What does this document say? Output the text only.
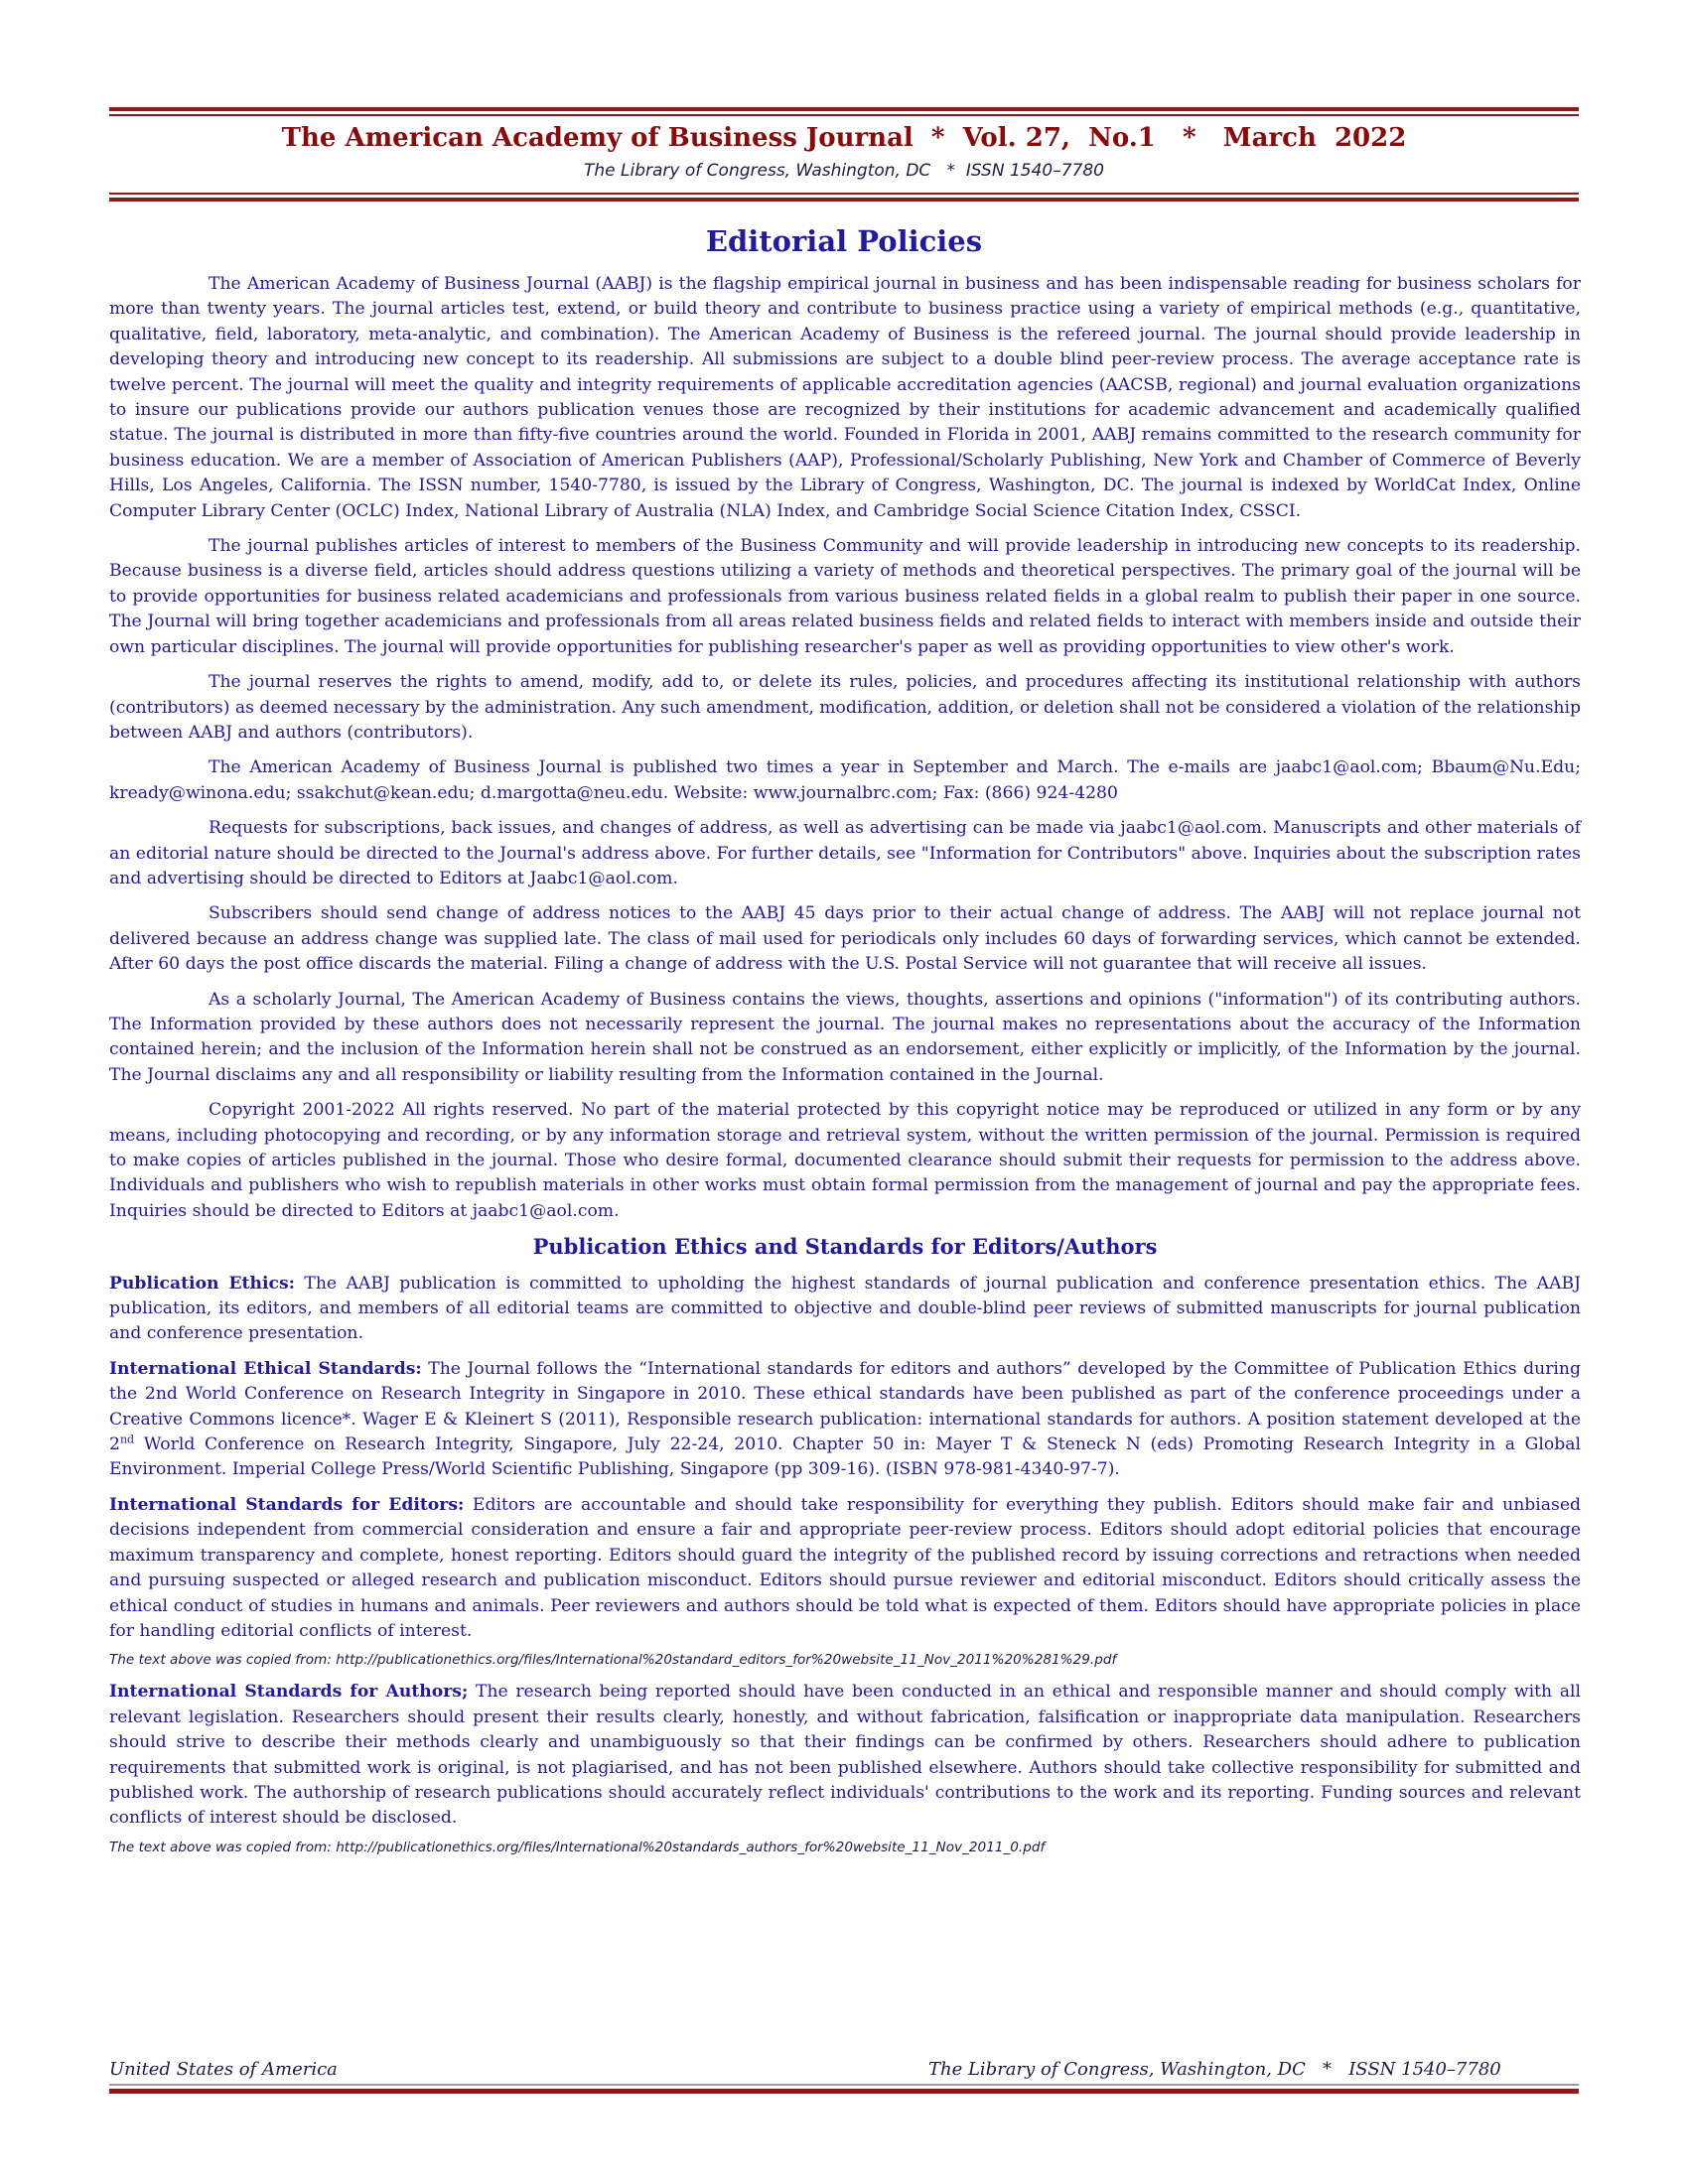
The American Academy of Business Journal * Vol. 27,  No.1 * March  2022
The Library of Congress, Washington, DC * ISSN 1540–7780
Editorial Policies

The American Academy of Business Journal (AABJ) is the flagship empirical journal in business and has been indispensable reading for business scholars for more than twenty years. The journal articles test, extend, or build theory and contribute to business practice using a variety of empirical methods (e.g., quantitative, qualitative, field, laboratory, meta-analytic, and combination). The American Academy of Business is the refereed journal. The journal should provide leadership in developing theory and introducing new concept to its readership. All submissions are subject to a double blind peer-review process. The average acceptance rate is twelve percent. The journal will meet the quality and integrity requirements of applicable accreditation agencies (AACSB, regional) and journal evaluation organizations to insure our publications provide our authors publication venues those are recognized by their institutions for academic advancement and academically qualified statue. The journal is distributed in more than fifty-five countries around the world. Founded in Florida in 2001, AABJ remains committed to the research community for business education. We are a member of Association of American Publishers (AAP), Professional/Scholarly Publishing, New York and Chamber of Commerce of Beverly Hills, Los Angeles, California. The ISSN number, 1540-7780, is issued by the Library of Congress, Washington, DC. The journal is indexed by WorldCat Index, Online Computer Library Center (OCLC) Index, National Library of Australia (NLA) Index, and Cambridge Social Science Citation Index, CSSCI.

The journal publishes articles of interest to members of the Business Community and will provide leadership in introducing new concepts to its readership. Because business is a diverse field, articles should address questions utilizing a variety of methods and theoretical perspectives. The primary goal of the journal will be to provide opportunities for business related academicians and professionals from various business related fields in a global realm to publish their paper in one source. The Journal will bring together academicians and professionals from all areas related business fields and related fields to interact with members inside and outside their own particular disciplines. The journal will provide opportunities for publishing researcher's paper as well as providing opportunities to view other's work.

The journal reserves the rights to amend, modify, add to, or delete its rules, policies, and procedures affecting its institutional relationship with authors (contributors) as deemed necessary by the administration. Any such amendment, modification, addition, or deletion shall not be considered a violation of the relationship between AABJ and authors (contributors).

The American Academy of Business Journal is published two times a year in September and March. The e-mails are jaabc1@aol.com; Bbaum@Nu.Edu; kready@winona.edu; ssakchut@kean.edu; d.margotta@neu.edu. Website: www.journalbrc.com; Fax: (866) 924-4280

Requests for subscriptions, back issues, and changes of address, as well as advertising can be made via jaabc1@aol.com. Manuscripts and other materials of an editorial nature should be directed to the Journal's address above. For further details, see "Information for Contributors" above. Inquiries about the subscription rates and advertising should be directed to Editors at Jaabc1@aol.com.

Subscribers should send change of address notices to the AABJ 45 days prior to their actual change of address. The AABJ will not replace journal not delivered because an address change was supplied late. The class of mail used for periodicals only includes 60 days of forwarding services, which cannot be extended. After 60 days the post office discards the material. Filing a change of address with the U.S. Postal Service will not guarantee that will receive all issues.

As a scholarly Journal, The American Academy of Business contains the views, thoughts, assertions and opinions ("information") of its contributing authors. The Information provided by these authors does not necessarily represent the journal. The journal makes no representations about the accuracy of the Information contained herein; and the inclusion of the Information herein shall not be construed as an endorsement, either explicitly or implicitly, of the Information by the journal. The Journal disclaims any and all responsibility or liability resulting from the Information contained in the Journal.

Copyright 2001-2022 All rights reserved. No part of the material protected by this copyright notice may be reproduced or utilized in any form or by any means, including photocopying and recording, or by any information storage and retrieval system, without the written permission of the journal. Permission is required to make copies of articles published in the journal. Those who desire formal, documented clearance should submit their requests for permission to the address above. Individuals and publishers who wish to republish materials in other works must obtain formal permission from the management of journal and pay the appropriate fees. Inquiries should be directed to Editors at jaabc1@aol.com.

Publication Ethics and Standards for Editors/Authors

Publication Ethics: The AABJ publication is committed to upholding the highest standards of journal publication and conference presentation ethics. The AABJ publication, its editors, and members of all editorial teams are committed to objective and double-blind peer reviews of submitted manuscripts for journal publication and conference presentation.

International Ethical Standards: The Journal follows the “International standards for editors and authors” developed by the Committee of Publication Ethics during the 2nd World Conference on Research Integrity in Singapore in 2010. These ethical standards have been published as part of the conference proceedings under a Creative Commons licence*. Wager E & Kleinert S (2011), Responsible research publication: international standards for authors. A position statement developed at the 2nd World Conference on Research Integrity, Singapore, July 22-24, 2010. Chapter 50 in: Mayer T & Steneck N (eds) Promoting Research Integrity in a Global Environment. Imperial College Press/World Scientific Publishing, Singapore (pp 309-16). (ISBN 978-981-4340-97-7).

International Standards for Editors: Editors are accountable and should take responsibility for everything they publish. Editors should make fair and unbiased decisions independent from commercial consideration and ensure a fair and appropriate peer-review process. Editors should adopt editorial policies that encourage maximum transparency and complete, honest reporting. Editors should guard the integrity of the published record by issuing corrections and retractions when needed and pursuing suspected or alleged research and publication misconduct. Editors should pursue reviewer and editorial misconduct. Editors should critically assess the ethical conduct of studies in humans and animals. Peer reviewers and authors should be told what is expected of them. Editors should have appropriate policies in place for handling editorial conflicts of interest.

The text above was copied from: http://publicationethics.org/files/International%20standard_editors_for%20website_11_Nov_2011%20%281%29.pdf

International Standards for Authors; The research being reported should have been conducted in an ethical and responsible manner and should comply with all relevant legislation. Researchers should present their results clearly, honestly, and without fabrication, falsification or inappropriate data manipulation. Researchers should strive to describe their methods clearly and unambiguously so that their findings can be confirmed by others. Researchers should adhere to publication requirements that submitted work is original, is not plagiarised, and has not been published elsewhere. Authors should take collective responsibility for submitted and published work. The authorship of research publications should accurately reflect individuals' contributions to the work and its reporting. Funding sources and relevant conflicts of interest should be disclosed.

The text above was copied from: http://publicationethics.org/files/International%20standards_authors_for%20website_11_Nov_2011_0.pdf
United States of America	The Library of Congress, Washington, DC * ISSN 1540–7780
